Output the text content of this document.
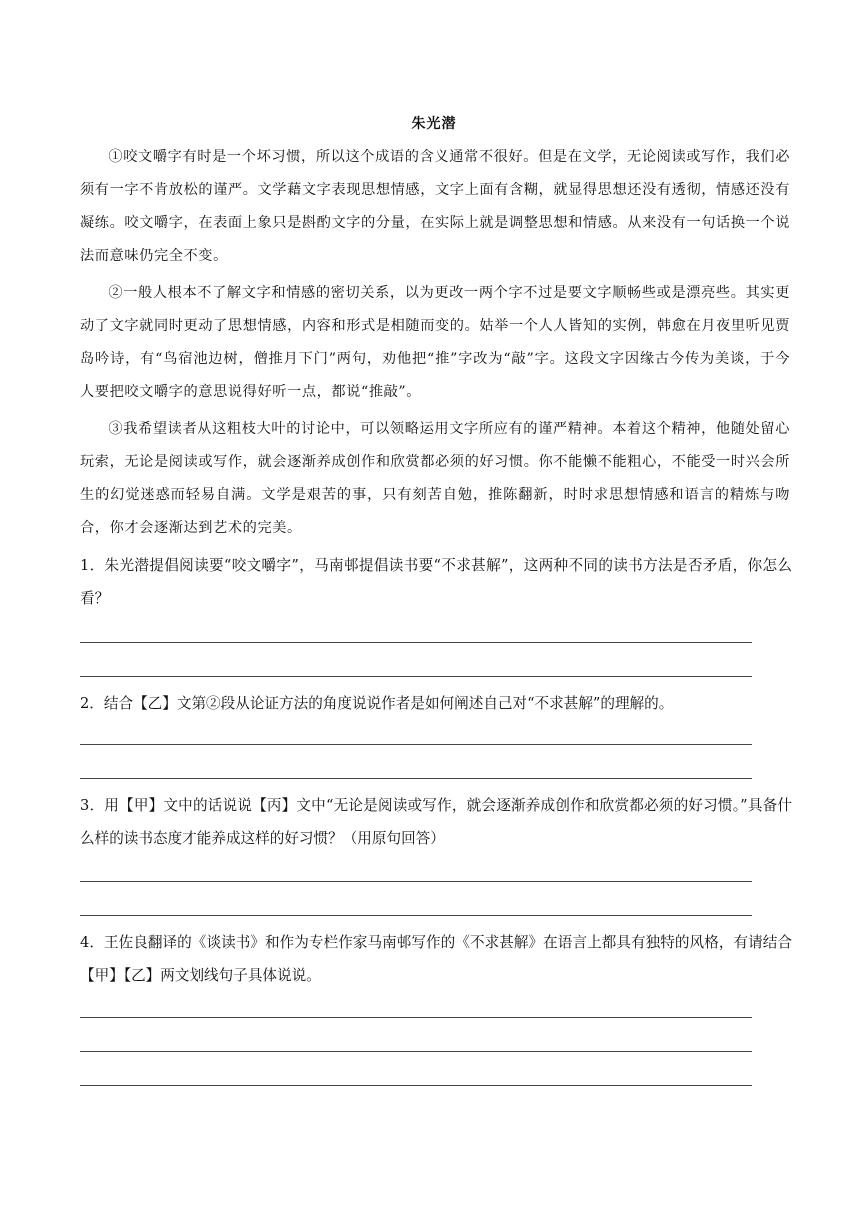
朱光潜

①咬文嚼字有时是一个坏习惯，所以这个成语的含义通常不很好。但是在文学，无论阅读或写作，我们必须有一字不肯放松的谨严。文学藉文字表现思想情感，文字上面有含糊，就显得思想还没有透彻，情感还没有凝练。咬文嚼字，在表面上象只是斟酌文字的分量，在实际上就是调整思想和情感。从来没有一句话换一个说法而意味仍完全不变。

②一般人根本不了解文字和情感的密切关系，以为更改一两个字不过是要文字顺畅些或是漂亮些。其实更动了文字就同时更动了思想情感，内容和形式是相随而变的。姑举一个人人皆知的实例，韩愈在月夜里听见贾岛吟诗，有“鸟宿池边树，僧推月下门”两句，劝他把“推”字改为“敲”字。这段文字因缘古今传为美谈，于今人要把咬文嚼字的意思说得好听一点，都说“推敲”。

③我希望读者从这粗枝大叶的讨论中，可以领略运用文字所应有的谨严精神。本着这个精神，他随处留心玩索，无论是阅读或写作，就会逐渐养成创作和欣赏都必须的好习惯。你不能懒不能粗心，不能受一时兴会所生的幻觉迷惑而轻易自满。文学是艰苦的事，只有刻苦自勉，推陈翻新，时时求思想情感和语言的精炼与吻合，你才会逐渐达到艺术的完美。

1．朱光潜提倡阅读要“咬文嚼字”，马南邨提倡读书要“不求甚解”，这两种不同的读书方法是否矛盾，你怎么看？

2．结合【乙】文第②段从论证方法的角度说说作者是如何阐述自己对“不求甚解”的理解的。

3．用【甲】文中的话说说【丙】文中“无论是阅读或写作，就会逐渐养成创作和欣赏都必须的好习惯。”具备什么样的读书态度才能养成这样的好习惯？（用原句回答）

4．王佐良翻译的《谈读书》和作为专栏作家马南邨写作的《不求甚解》在语言上都具有独特的风格，有请结合【甲】【乙】两文划线句子具体说说。
